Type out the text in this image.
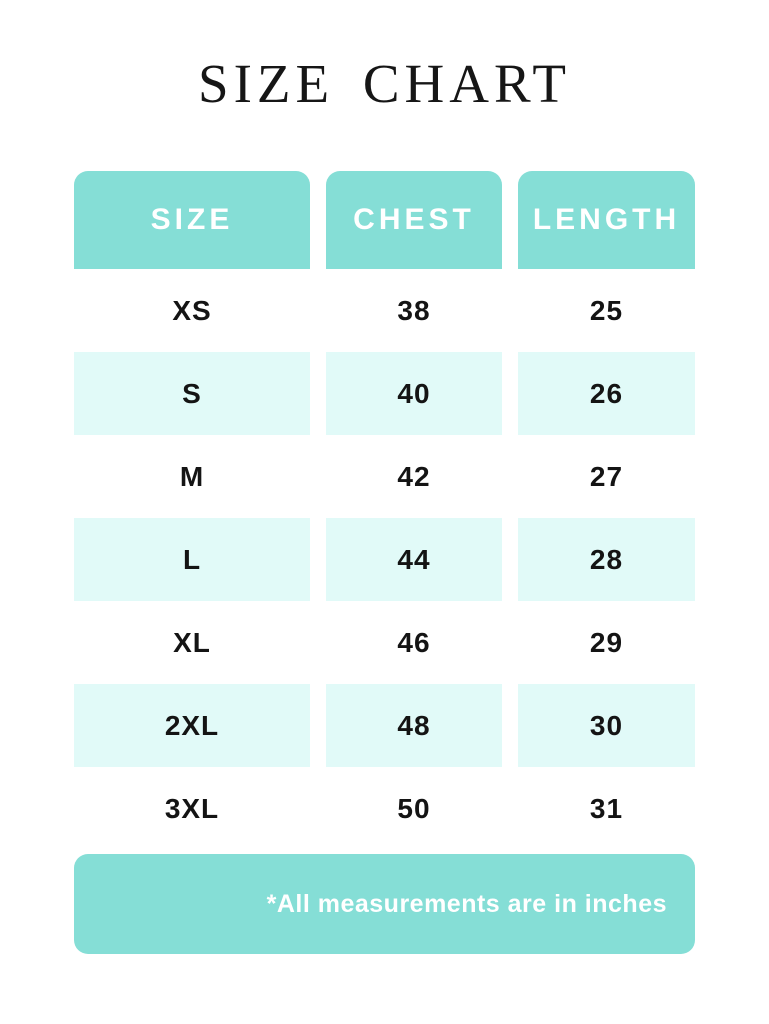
SIZE CHART
SIZE	CHEST	LENGTH
XS	38	25
S	40	26
M	42	27
L	44	28
XL	46	29
2XL	48	30
3XL	50	31
*All measurements are in inches
